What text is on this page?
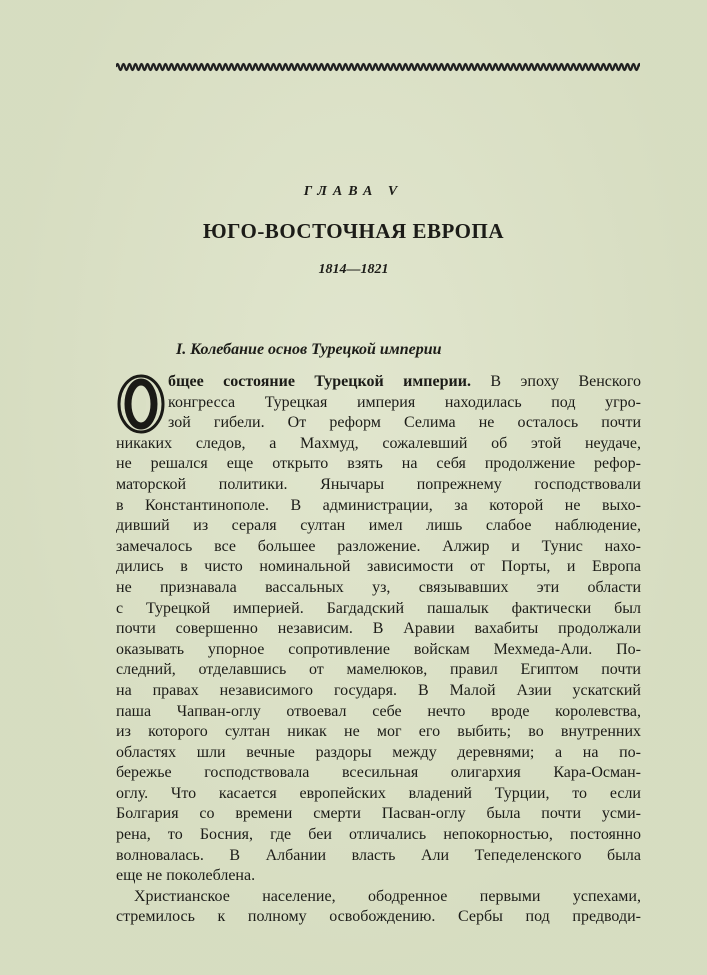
ГЛАВА V
ЮГО-ВОСТОЧНАЯ ЕВРОПА
1814—1821
I. Колебание основ Турецкой империи
бщее состояние Турецкой империи. В эпоху Венского
конгресса Турецкая империя находилась под угро-
зой гибели. От реформ Селима не осталось почти
никаких следов, а Махмуд, сожалевший об этой неудаче,
не решался еще открыто взять на себя продолжение рефор-
маторской политики. Янычары попрежнему господствовали
в Константинополе. В администрации, за которой не выхо-
дивший из сераля султан имел лишь слабое наблюдение,
замечалось все большее разложение. Алжир и Тунис нахо-
дились в чисто номинальной зависимости от Порты, и Европа
не признавала вассальных уз, связывавших эти области
с Турецкой империей. Багдадский пашалык фактически был
почти совершенно независим. В Аравии вахабиты продолжали
оказывать упорное сопротивление войскам Мехмеда-Али. По-
следний, отделавшись от мамелюков, правил Египтом почти
на правах независимого государя. В Малой Азии ускатский
паша Чапван-оглу отвоевал себе нечто вроде королевства,
из которого султан никак не мог его выбить; во внутренних
областях шли вечные раздоры между деревнями; а на по-
бережье господствовала всесильная олигархия Кара-Осман-
оглу. Что касается европейских владений Турции, то если
Болгария со времени смерти Пасван-оглу была почти усми-
рена, то Босния, где беи отличались непокорностью, постоянно
волновалась. В Албании власть Али Тепеделенского была
еще не поколеблена.
Христианское население, ободренное первыми успехами,
стремилось к полному освобождению. Сербы под предводи-
